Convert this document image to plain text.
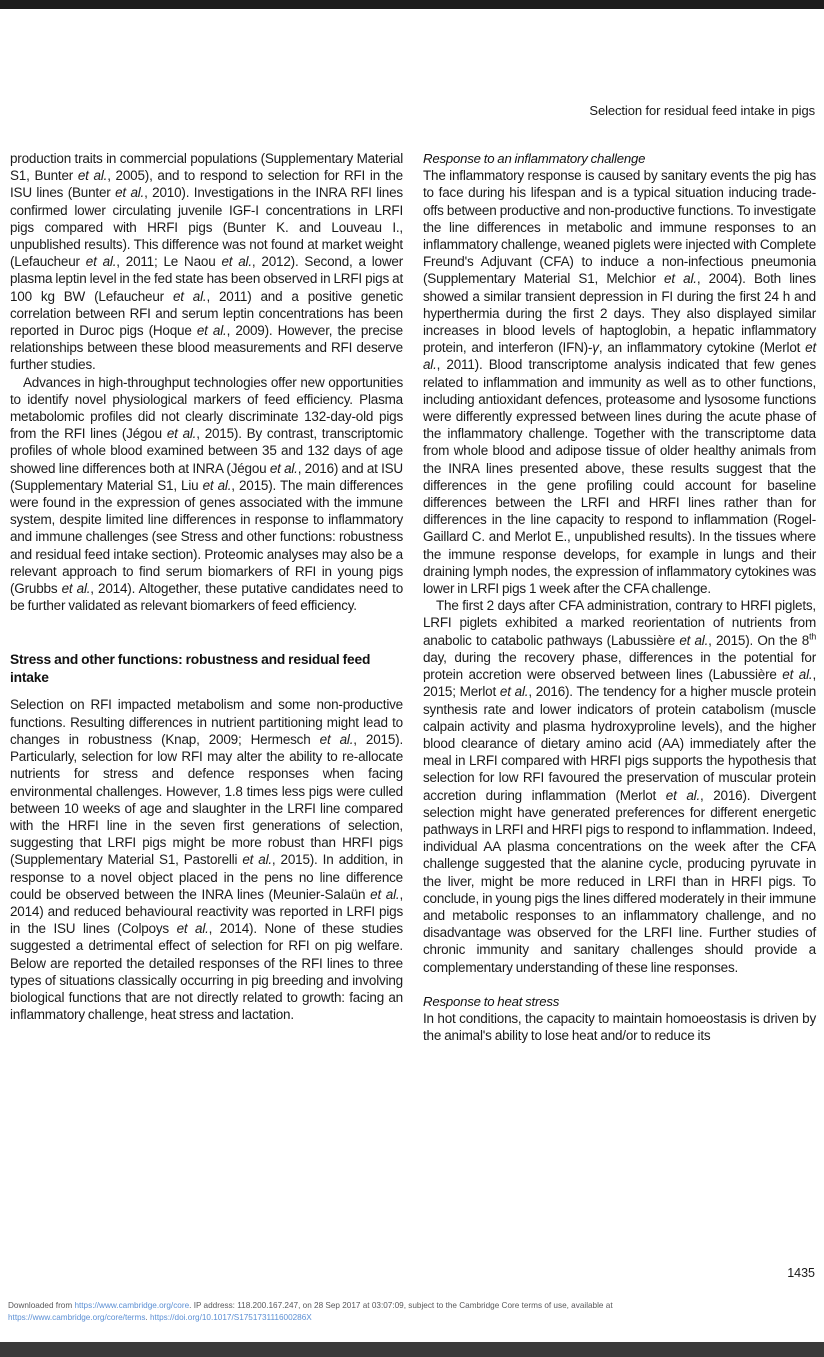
Selection for residual feed intake in pigs

production traits in commercial populations (Supplementary Material S1, Bunter et al., 2005), and to respond to selection for RFI in the ISU lines (Bunter et al., 2010). Investigations in the INRA RFI lines confirmed lower circulating juvenile IGF-I concentrations in LRFI pigs compared with HRFI pigs (Bunter K. and Louveau I., unpublished results). This difference was not found at market weight (Lefaucheur et al., 2011; Le Naou et al., 2012). Second, a lower plasma leptin level in the fed state has been observed in LRFI pigs at 100 kg BW (Lefaucheur et al., 2011) and a positive genetic correlation between RFI and serum leptin concentrations has been reported in Duroc pigs (Hoque et al., 2009). However, the precise relationships between these blood measurements and RFI deserve further studies.

Advances in high-throughput technologies offer new opportunities to identify novel physiological markers of feed efficiency. Plasma metabolomic profiles did not clearly discriminate 132-day-old pigs from the RFI lines (Jégou et al., 2015). By contrast, transcriptomic profiles of whole blood examined between 35 and 132 days of age showed line differences both at INRA (Jégou et al., 2016) and at ISU (Supplementary Material S1, Liu et al., 2015). The main differences were found in the expression of genes associated with the immune system, despite limited line differences in response to inflammatory and immune challenges (see Stress and other functions: robustness and residual feed intake section). Proteomic analyses may also be a relevant approach to find serum biomarkers of RFI in young pigs (Grubbs et al., 2014). Altogether, these putative candidates need to be further validated as relevant biomarkers of feed efficiency.

Stress and other functions: robustness and residual feed intake

Selection on RFI impacted metabolism and some non-productive functions. Resulting differences in nutrient partitioning might lead to changes in robustness (Knap, 2009; Hermesch et al., 2015). Particularly, selection for low RFI may alter the ability to re-allocate nutrients for stress and defence responses when facing environmental challenges. However, 1.8 times less pigs were culled between 10 weeks of age and slaughter in the LRFI line compared with the HRFI line in the seven first generations of selection, suggesting that LRFI pigs might be more robust than HRFI pigs (Supplementary Material S1, Pastorelli et al., 2015). In addition, in response to a novel object placed in the pens no line difference could be observed between the INRA lines (Meunier-Salaün et al., 2014) and reduced behavioural reactivity was reported in LRFI pigs in the ISU lines (Colpoys et al., 2014). None of these studies suggested a detrimental effect of selection for RFI on pig welfare. Below are reported the detailed responses of the RFI lines to three types of situations classically occurring in pig breeding and involving biological functions that are not directly related to growth: facing an inflammatory challenge, heat stress and lactation.

Response to an inflammatory challenge

The inflammatory response is caused by sanitary events the pig has to face during his lifespan and is a typical situation inducing trade-offs between productive and non-productive functions. To investigate the line differences in metabolic and immune responses to an inflammatory challenge, weaned piglets were injected with Complete Freund's Adjuvant (CFA) to induce a non-infectious pneumonia (Supplementary Material S1, Melchior et al., 2004). Both lines showed a similar transient depression in FI during the first 24 h and hyperthermia during the first 2 days. They also displayed similar increases in blood levels of haptoglobin, a hepatic inflammatory protein, and interferon (IFN)-γ, an inflammatory cytokine (Merlot et al., 2011). Blood transcriptome analysis indicated that few genes related to inflammation and immunity as well as to other functions, including antioxidant defences, proteasome and lysosome functions were differently expressed between lines during the acute phase of the inflammatory challenge. Together with the transcriptome data from whole blood and adipose tissue of older healthy animals from the INRA lines presented above, these results suggest that the differences in the gene profiling could account for baseline differences between the LRFI and HRFI lines rather than for differences in the line capacity to respond to inflammation (Rogel-Gaillard C. and Merlot E., unpublished results). In the tissues where the immune response develops, for example in lungs and their draining lymph nodes, the expression of inflammatory cytokines was lower in LRFI pigs 1 week after the CFA challenge.

The first 2 days after CFA administration, contrary to HRFI piglets, LRFI piglets exhibited a marked reorientation of nutrients from anabolic to catabolic pathways (Labussière et al., 2015). On the 8th day, during the recovery phase, differences in the potential for protein accretion were observed between lines (Labussière et al., 2015; Merlot et al., 2016). The tendency for a higher muscle protein synthesis rate and lower indicators of protein catabolism (muscle calpain activity and plasma hydroxyproline levels), and the higher blood clearance of dietary amino acid (AA) immediately after the meal in LRFI compared with HRFI pigs supports the hypothesis that selection for low RFI favoured the preservation of muscular protein accretion during inflammation (Merlot et al., 2016). Divergent selection might have generated preferences for different energetic pathways in LRFI and HRFI pigs to respond to inflammation. Indeed, individual AA plasma concentrations on the week after the CFA challenge suggested that the alanine cycle, producing pyruvate in the liver, might be more reduced in LRFI than in HRFI pigs. To conclude, in young pigs the lines differed moderately in their immune and metabolic responses to an inflammatory challenge, and no disadvantage was observed for the LRFI line. Further studies of chronic immunity and sanitary challenges should provide a complementary understanding of these line responses.

Response to heat stress

In hot conditions, the capacity to maintain homoeostasis is driven by the animal's ability to lose heat and/or to reduce its

1435
Downloaded from https://www.cambridge.org/core. IP address: 118.200.167.247, on 28 Sep 2017 at 03:07:09, subject to the Cambridge Core terms of use, available at
https://www.cambridge.org/core/terms. https://doi.org/10.1017/S175173111600286X
